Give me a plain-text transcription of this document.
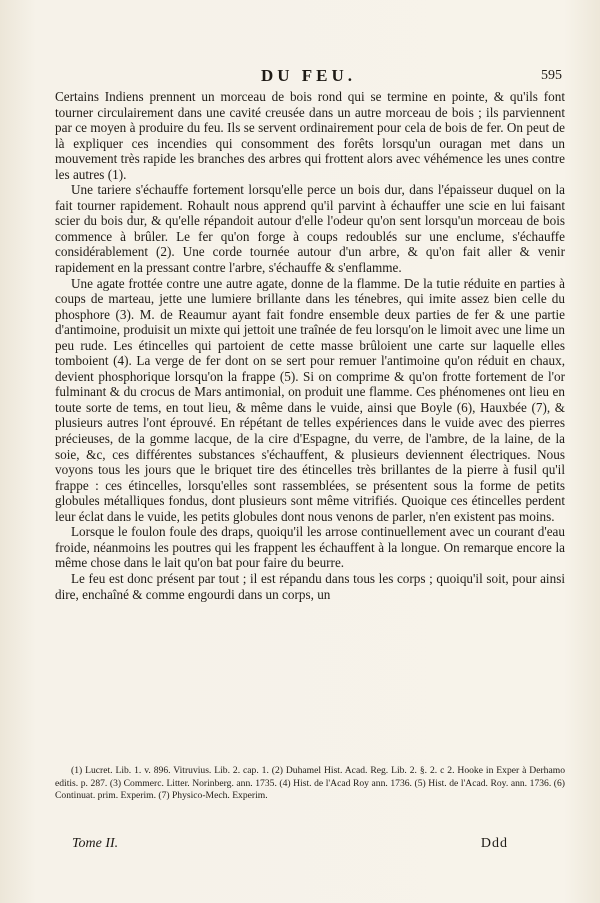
DU FEU.	595

Certains Indiens prennent un morceau de bois rond qui se termine en pointe, & qu'ils font tourner circulairement dans une cavité creusée dans un autre morceau de bois ; ils parviennent par ce moyen à produire du feu. Ils se servent ordinairement pour cela de bois de fer. On peut de là expliquer ces incendies qui consomment des forêts lorsqu'un ouragan met dans un mouvement très rapide les branches des arbres qui frottent alors avec véhémence les unes contre les autres (1).

Une tariere s'échauffe fortement lorsqu'elle perce un bois dur, dans l'épaisseur duquel on la fait tourner rapidement. Rohault nous apprend qu'il parvint à échauffer une scie en lui faisant scier du bois dur, & qu'elle répandoit autour d'elle l'odeur qu'on sent lorsqu'un morceau de bois commence à brûler. Le fer qu'on forge à coups redoublés sur une enclume, s'échauffe considérablement (2). Une corde tournée autour d'un arbre, & qu'on fait aller & venir rapidement en la pressant contre l'arbre, s'échauffe & s'enflamme.

Une agate frottée contre une autre agate, donne de la flamme. De la tutie réduite en parties à coups de marteau, jette une lumiere brillante dans les ténebres, qui imite assez bien celle du phosphore (3). M. de Reaumur ayant fait fondre ensemble deux parties de fer & une partie d'antimoine, produisit un mixte qui jettoit une traînée de feu lorsqu'on le limoit avec une lime un peu rude. Les étincelles qui partoient de cette masse brûloient une carte sur laquelle elles tomboient (4). La verge de fer dont on se sert pour remuer l'antimoine qu'on réduit en chaux, devient phosphorique lorsqu'on la frappe (5). Si on comprime & qu'on frotte fortement de l'or fulminant & du crocus de Mars antimonial, on produit une flamme. Ces phénomenes ont lieu en toute sorte de tems, en tout lieu, & même dans le vuide, ainsi que Boyle (6), Hauxbée (7), & plusieurs autres l'ont éprouvé. En répétant de telles expériences dans le vuide avec des pierres précieuses, de la gomme lacque, de la cire d'Espagne, du verre, de l'ambre, de la laine, de la soie, &c, ces différentes substances s'échauffent, & plusieurs deviennent électriques. Nous voyons tous les jours que le briquet tire des étincelles très brillantes de la pierre à fusil qu'il frappe : ces étincelles, lorsqu'elles sont rassemblées, se présentent sous la forme de petits globules métalliques fondus, dont plusieurs sont même vitrifiés. Quoique ces étincelles perdent leur éclat dans le vuide, les petits globules dont nous venons de parler, n'en existent pas moins.

Lorsque le foulon foule des draps, quoiqu'il les arrose continuellement avec un courant d'eau froide, néanmoins les poutres qui les frappent les échauffent à la longue. On remarque encore la même chose dans le lait qu'on bat pour faire du beurre.

Le feu est donc présent par tout ; il est répandu dans tous les corps ; quoiqu'il soit, pour ainsi dire, enchaîné & comme engourdi dans un corps, un

(1) Lucret. Lib. 1. v. 896. Vitruvius. Lib. 2. cap. 1. (2) Duhamel Hist. Acad. Reg. Lib. 2. §. 2. c 2. Hooke in Exper à Derhamo editis. p. 287. (3) Commerc. Litter. Norinberg. ann. 1735. (4) Hist. de l'Acad Roy ann. 1736. (5) Hist. de l'Acad. Roy. ann. 1736. (6) Continuat. prim. Experim. (7) Physico-Mech. Experim.

Tome II.	Ddd
